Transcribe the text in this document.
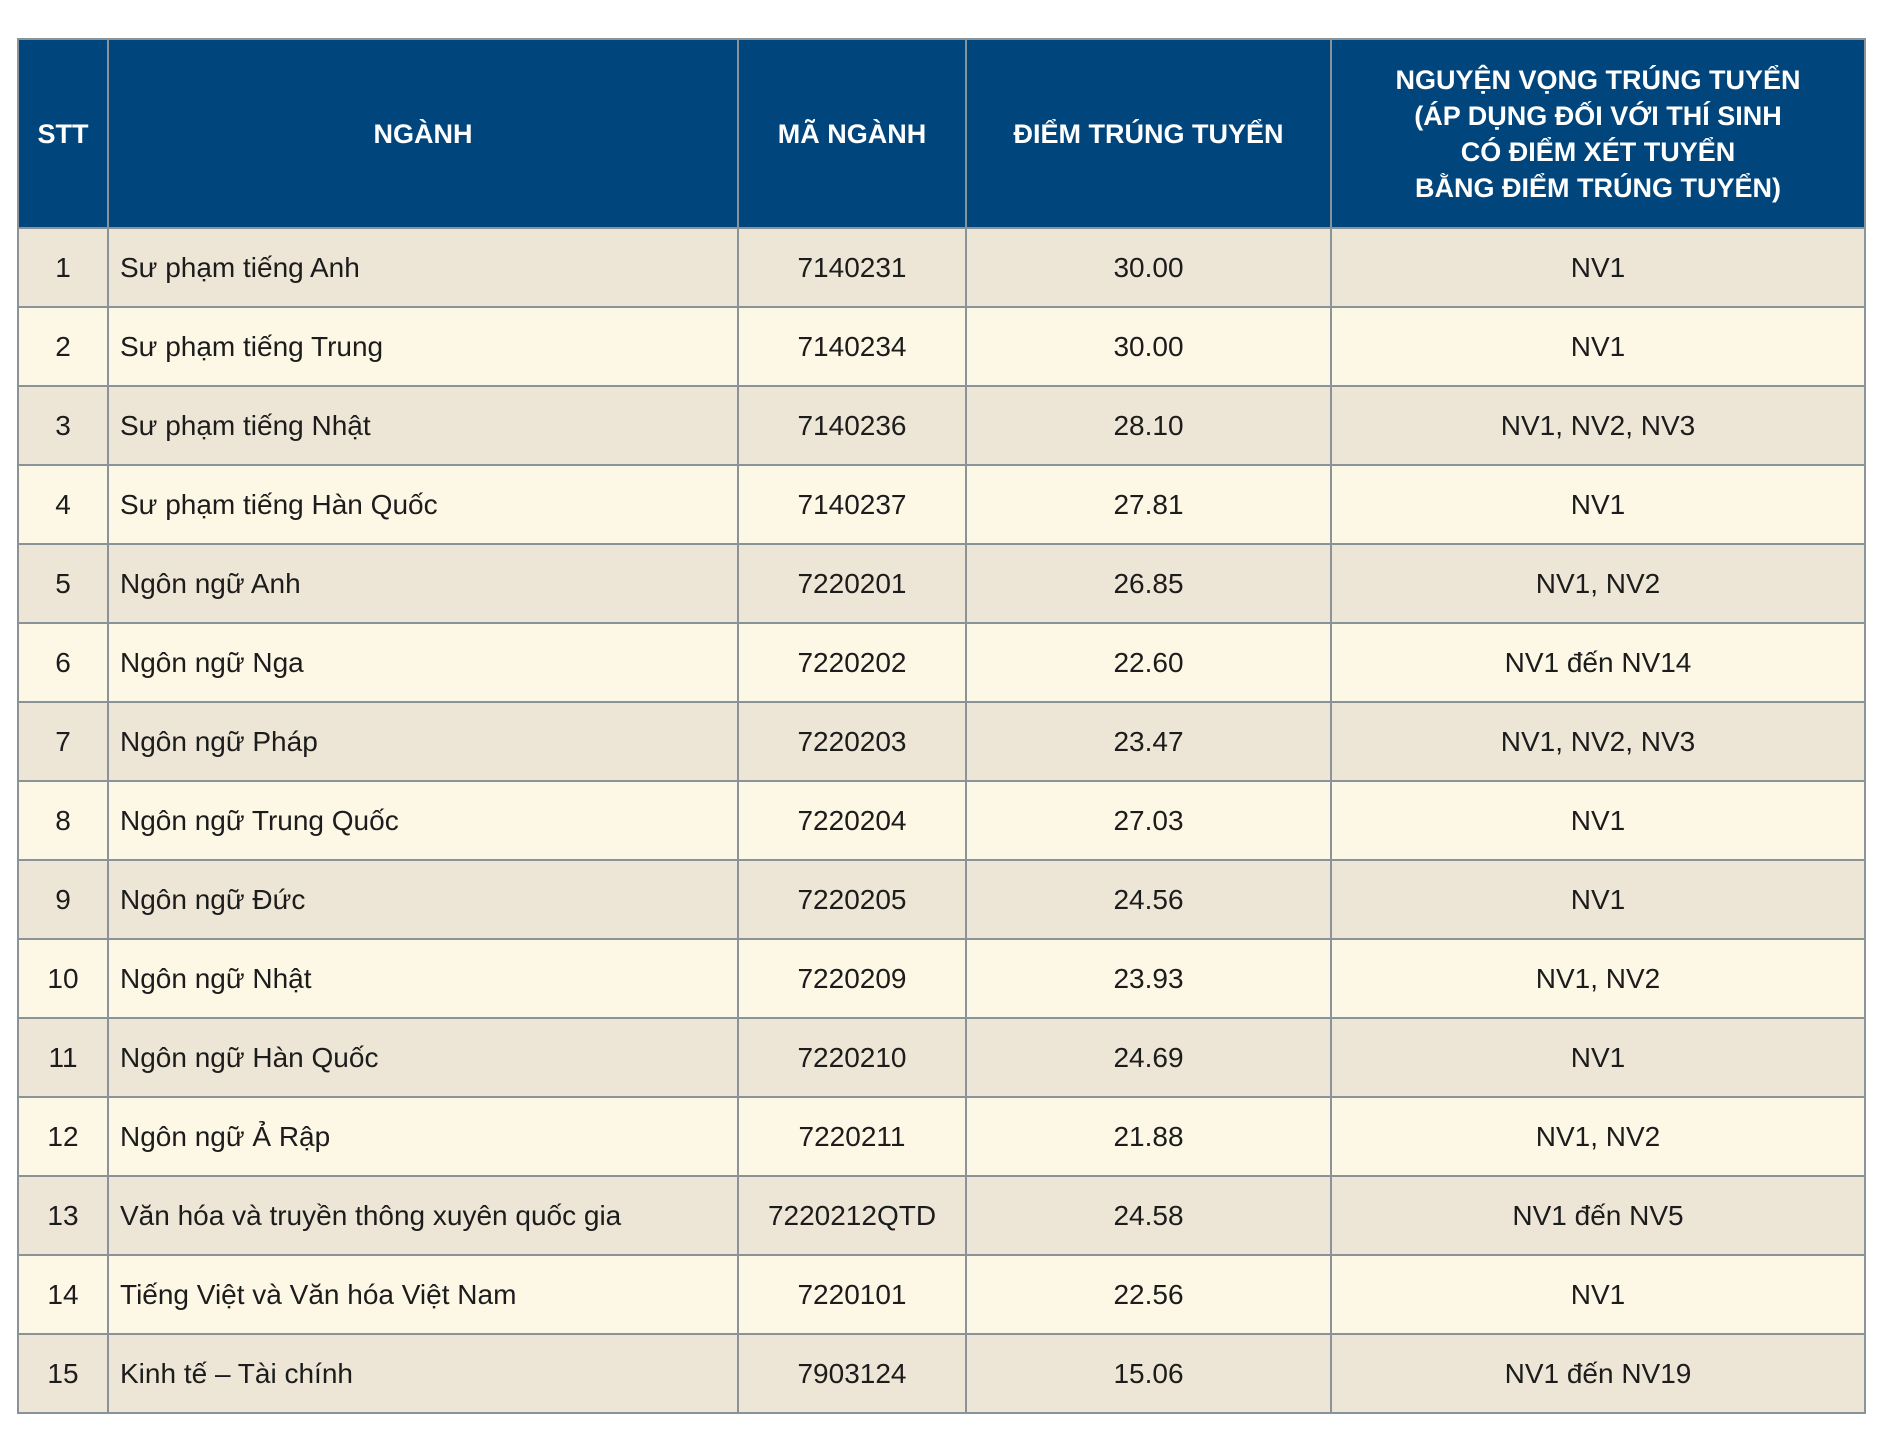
STT	NGÀNH	MÃ NGÀNH	ĐIỂM TRÚNG TUYỂN	NGUYỆN VỌNG TRÚNG TUYỂN
(ÁP DỤNG ĐỐI VỚI THÍ SINH
CÓ ĐIỂM XÉT TUYỂN
BẰNG ĐIỂM TRÚNG TUYỂN)

1	Sư phạm tiếng Anh	7140231	30.00	NV1
2	Sư phạm tiếng Trung	7140234	30.00	NV1
3	Sư phạm tiếng Nhật	7140236	28.10	NV1, NV2, NV3
4	Sư phạm tiếng Hàn Quốc	7140237	27.81	NV1
5	Ngôn ngữ Anh	7220201	26.85	NV1, NV2
6	Ngôn ngữ Nga	7220202	22.60	NV1 đến NV14
7	Ngôn ngữ Pháp	7220203	23.47	NV1, NV2, NV3
8	Ngôn ngữ Trung Quốc	7220204	27.03	NV1
9	Ngôn ngữ Đức	7220205	24.56	NV1
10	Ngôn ngữ Nhật	7220209	23.93	NV1, NV2
11	Ngôn ngữ Hàn Quốc	7220210	24.69	NV1
12	Ngôn ngữ Ả Rập	7220211	21.88	NV1, NV2
13	Văn hóa và truyền thông xuyên quốc gia	7220212QTD	24.58	NV1 đến NV5
14	Tiếng Việt và Văn hóa Việt Nam	7220101	22.56	NV1
15	Kinh tế – Tài chính	7903124	15.06	NV1 đến NV19
